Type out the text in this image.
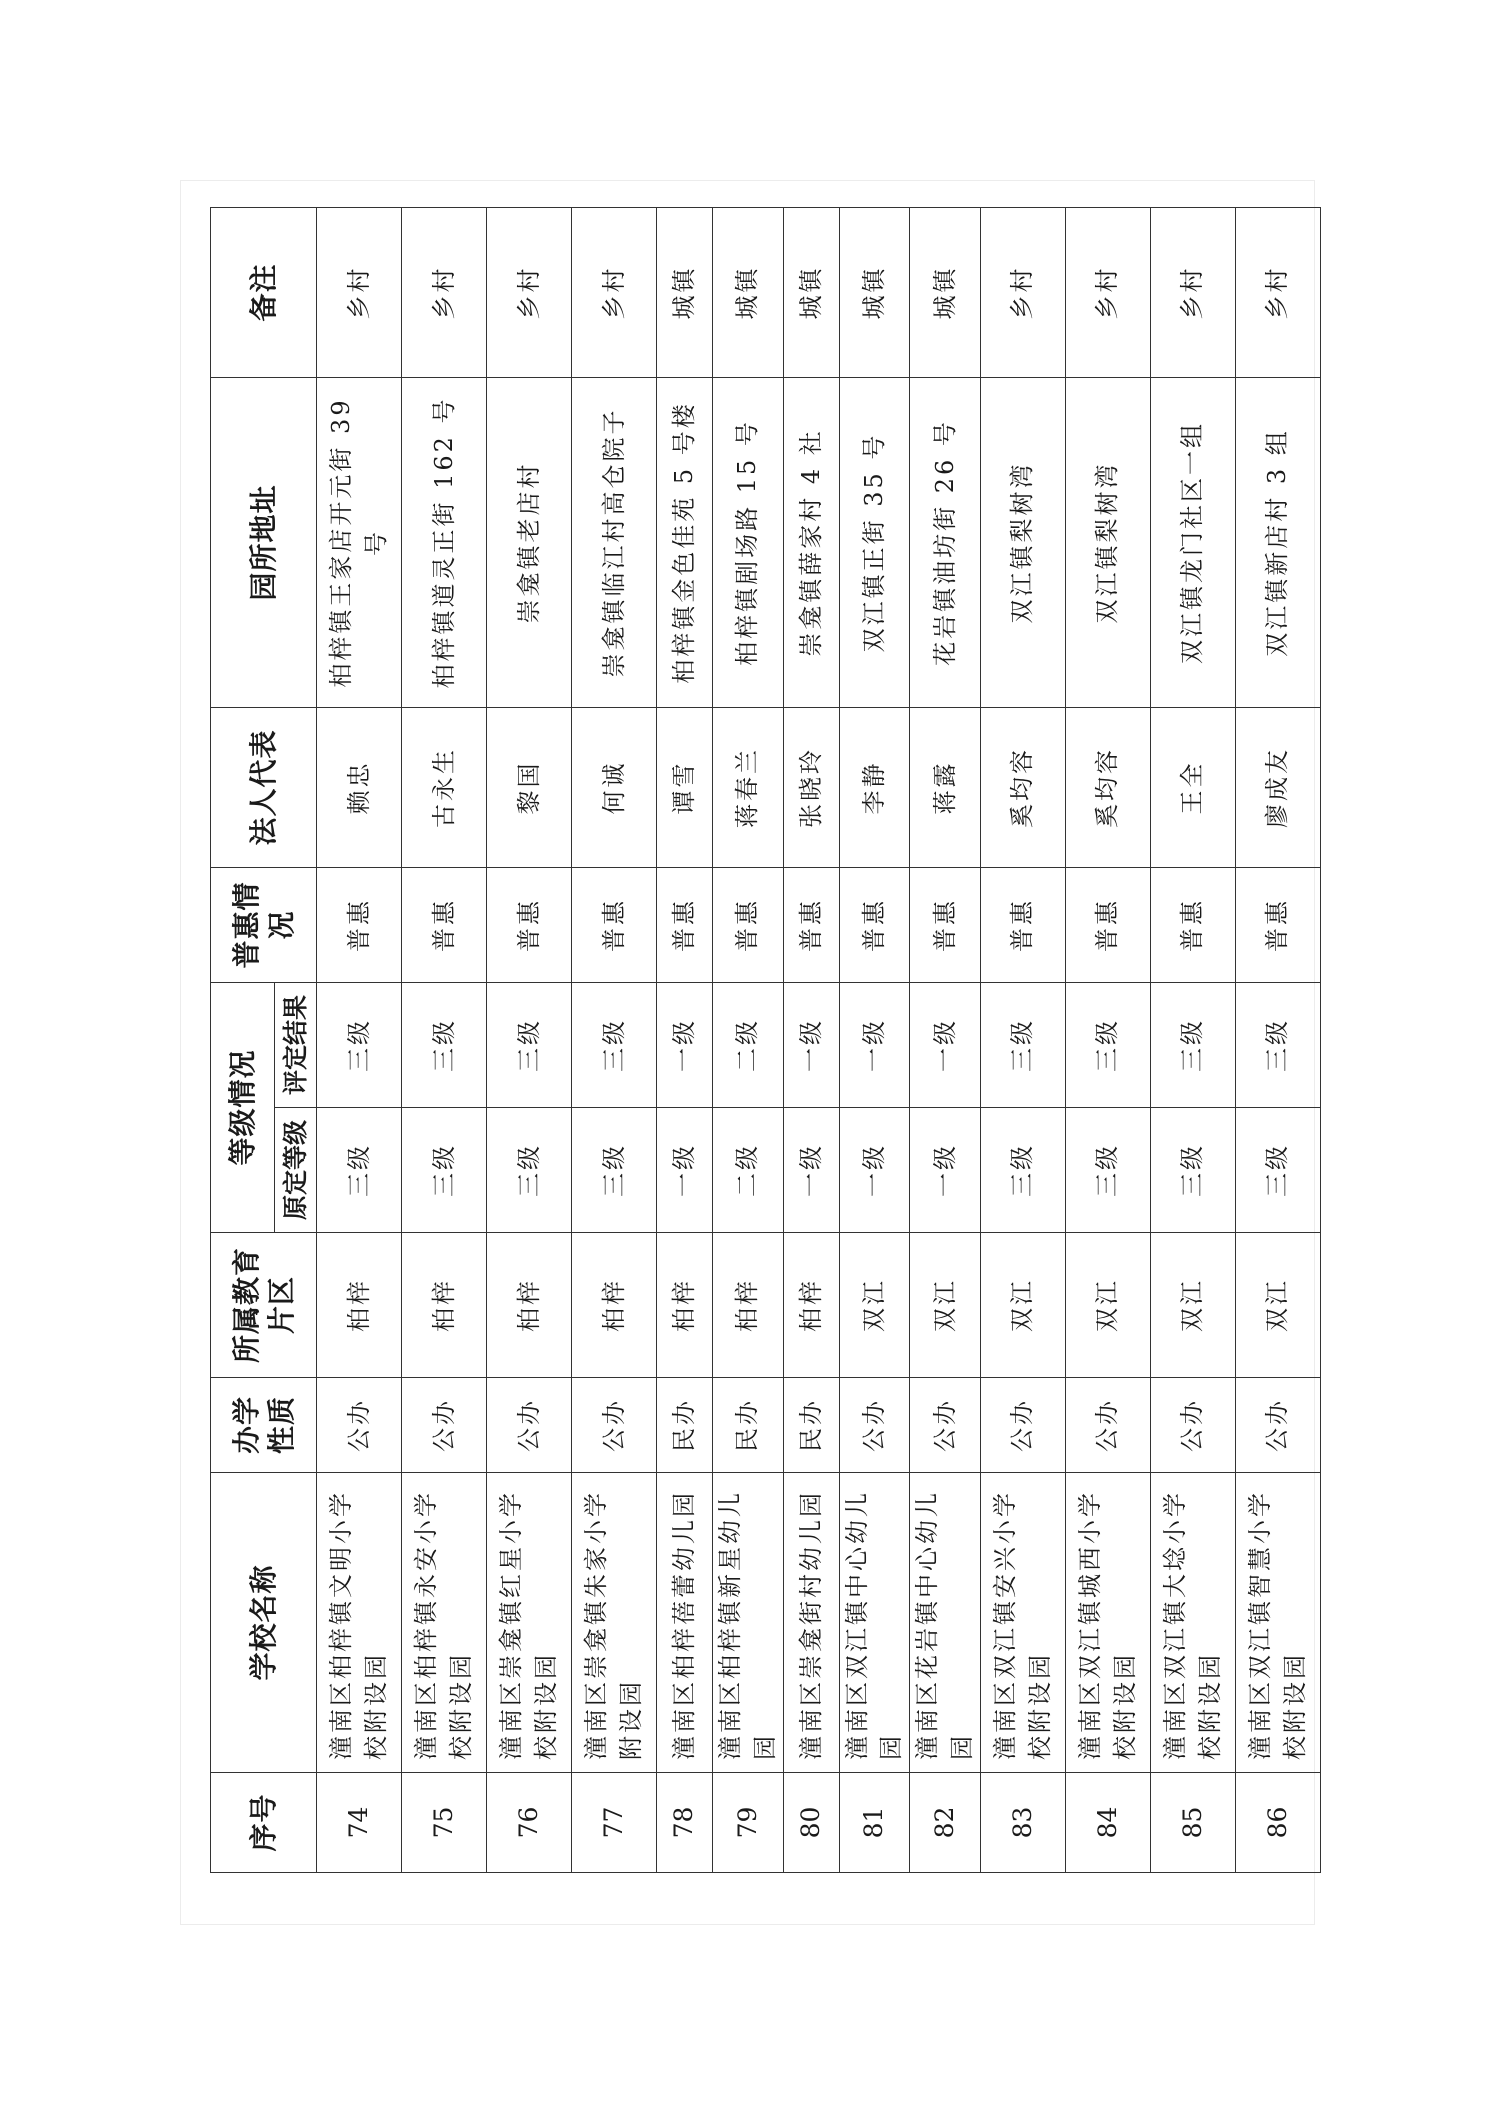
序号	学校名称	办学性质	所属教育片区	等级情况		普惠情况	法人代表	园所地址	备注
				原定等级	评定结果				
74	潼南区柏梓镇文明小学校附设园	公办	柏梓	三级	三级	普惠	赖忠	柏梓镇王家店开元街 39 号	乡村
75	潼南区柏梓镇永安小学校附设园	公办	柏梓	三级	三级	普惠	古永生	柏梓镇道灵正街 162 号	乡村
76	潼南区崇龛镇红星小学校附设园	公办	柏梓	三级	三级	普惠	黎国	崇龛镇老店村	乡村
77	潼南区崇龛镇朱家小学附设园	公办	柏梓	三级	三级	普惠	何诚	崇龛镇临江村高仓院子	乡村
78	潼南区柏梓蓓蕾幼儿园	民办	柏梓	一级	一级	普惠	谭雪	柏梓镇金色佳苑 5 号楼	城镇
79	潼南区柏梓镇新星幼儿园	民办	柏梓	二级	二级	普惠	蒋春兰	柏梓镇剧场路 15 号	城镇
80	潼南区崇龛街村幼儿园	民办	柏梓	一级	一级	普惠	张晓玲	崇龛镇薛家村 4 社	城镇
81	潼南区双江镇中心幼儿园	公办	双江	一级	一级	普惠	李静	双江镇正街 35 号	城镇
82	潼南区花岩镇中心幼儿园	公办	双江	一级	一级	普惠	蒋露	花岩镇油坊街 26 号	城镇
83	潼南区双江镇安兴小学校附设园	公办	双江	三级	三级	普惠	奚均容	双江镇梨树湾	乡村
84	潼南区双江镇城西小学校附设园	公办	双江	三级	三级	普惠	奚均容	双江镇梨树湾	乡村
85	潼南区双江镇大埝小学校附设园	公办	双江	三级	三级	普惠	王全	双江镇龙门社区一组	乡村
86	潼南区双江镇智慧小学校附设园	公办	双江	三级	三级	普惠	廖成友	双江镇新店村 3 组	乡村
